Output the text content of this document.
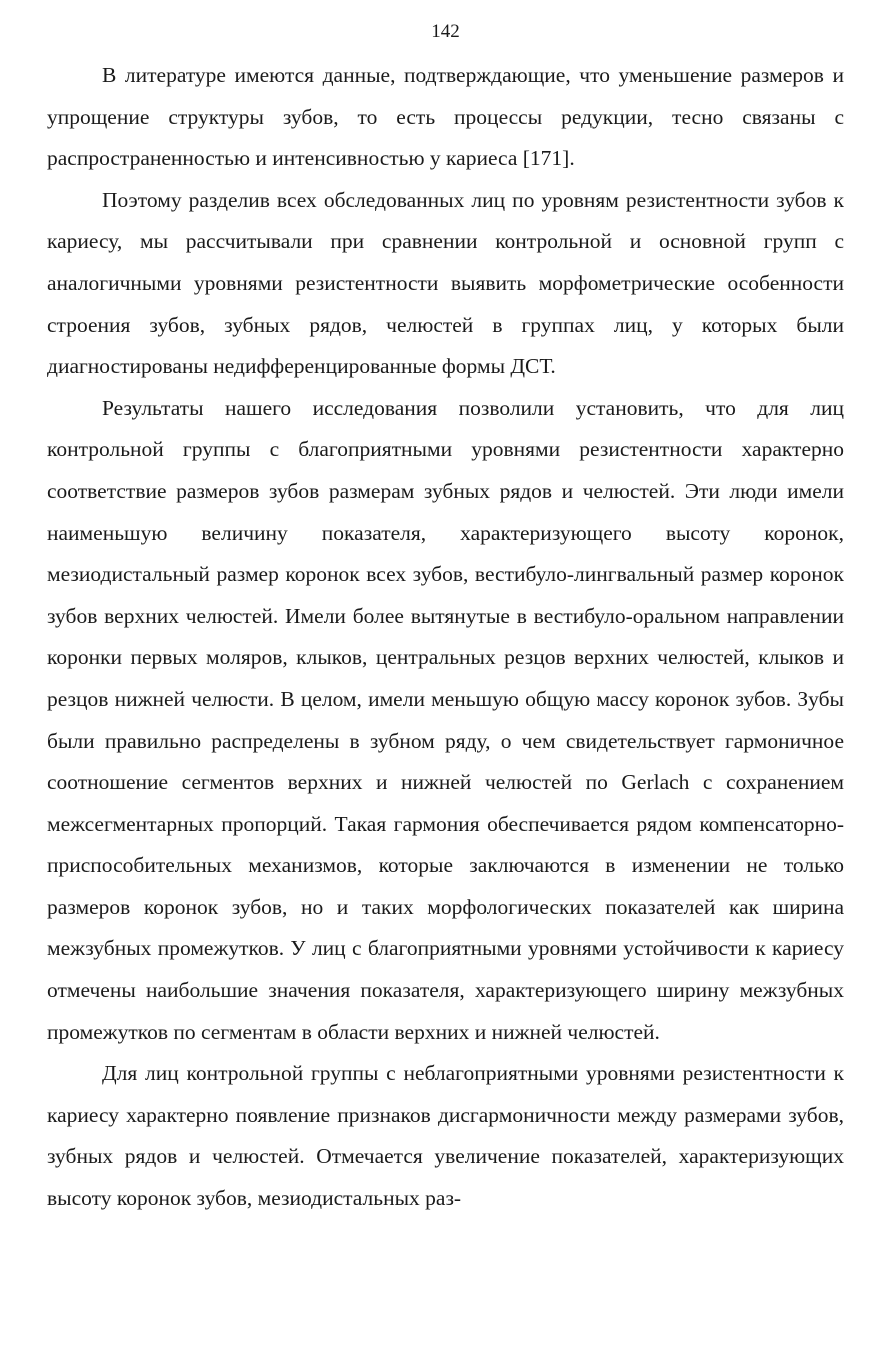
142

В литературе имеются данные, подтверждающие, что уменьшение размеров и упрощение структуры зубов, то есть процессы редукции, тесно связаны с распространенностью и интенсивностью у кариеса [171].

Поэтому разделив всех обследованных лиц по уровням резистентности зубов к кариесу, мы рассчитывали при сравнении контрольной и основной групп с аналогичными уровнями резистентности выявить морфометрические особенности строения зубов, зубных рядов, челюстей в группах лиц, у которых были диагностированы недифференцированные формы ДСТ.

Результаты нашего исследования позволили установить, что для лиц контрольной группы с благоприятными уровнями резистентности характерно соответствие размеров зубов размерам зубных рядов и челюстей. Эти люди имели наименьшую величину показателя, характеризующего высоту коронок, мезиодистальный размер коронок всех зубов, вестибуло-лингвальный размер коронок зубов верхних челюстей. Имели более вытянутые в вестибуло-оральном направлении коронки первых моляров, клыков, центральных резцов верхних челюстей, клыков и резцов нижней челюсти. В целом, имели меньшую общую массу коронок зубов. Зубы были правильно распределены в зубном ряду, о чем свидетельствует гармоничное соотношение сегментов верхних и нижней челюстей по Gerlach с сохранением межсегментарных пропорций. Такая гармония обеспечивается рядом компенсаторно-приспособительных механизмов, которые заключаются в изменении не только размеров коронок зубов, но и таких морфологических показателей как ширина межзубных промежутков. У лиц с благоприятными уровнями устойчивости к кариесу отмечены наибольшие значения показателя, характеризующего ширину межзубных промежутков по сегментам в области верхних и нижней челюстей.

Для лиц контрольной группы с неблагоприятными уровнями резистентности к кариесу характерно появление признаков дисгармоничности между размерами зубов, зубных рядов и челюстей. Отмечается увеличение показателей, характеризующих высоту коронок зубов, мезиодистальных раз-
